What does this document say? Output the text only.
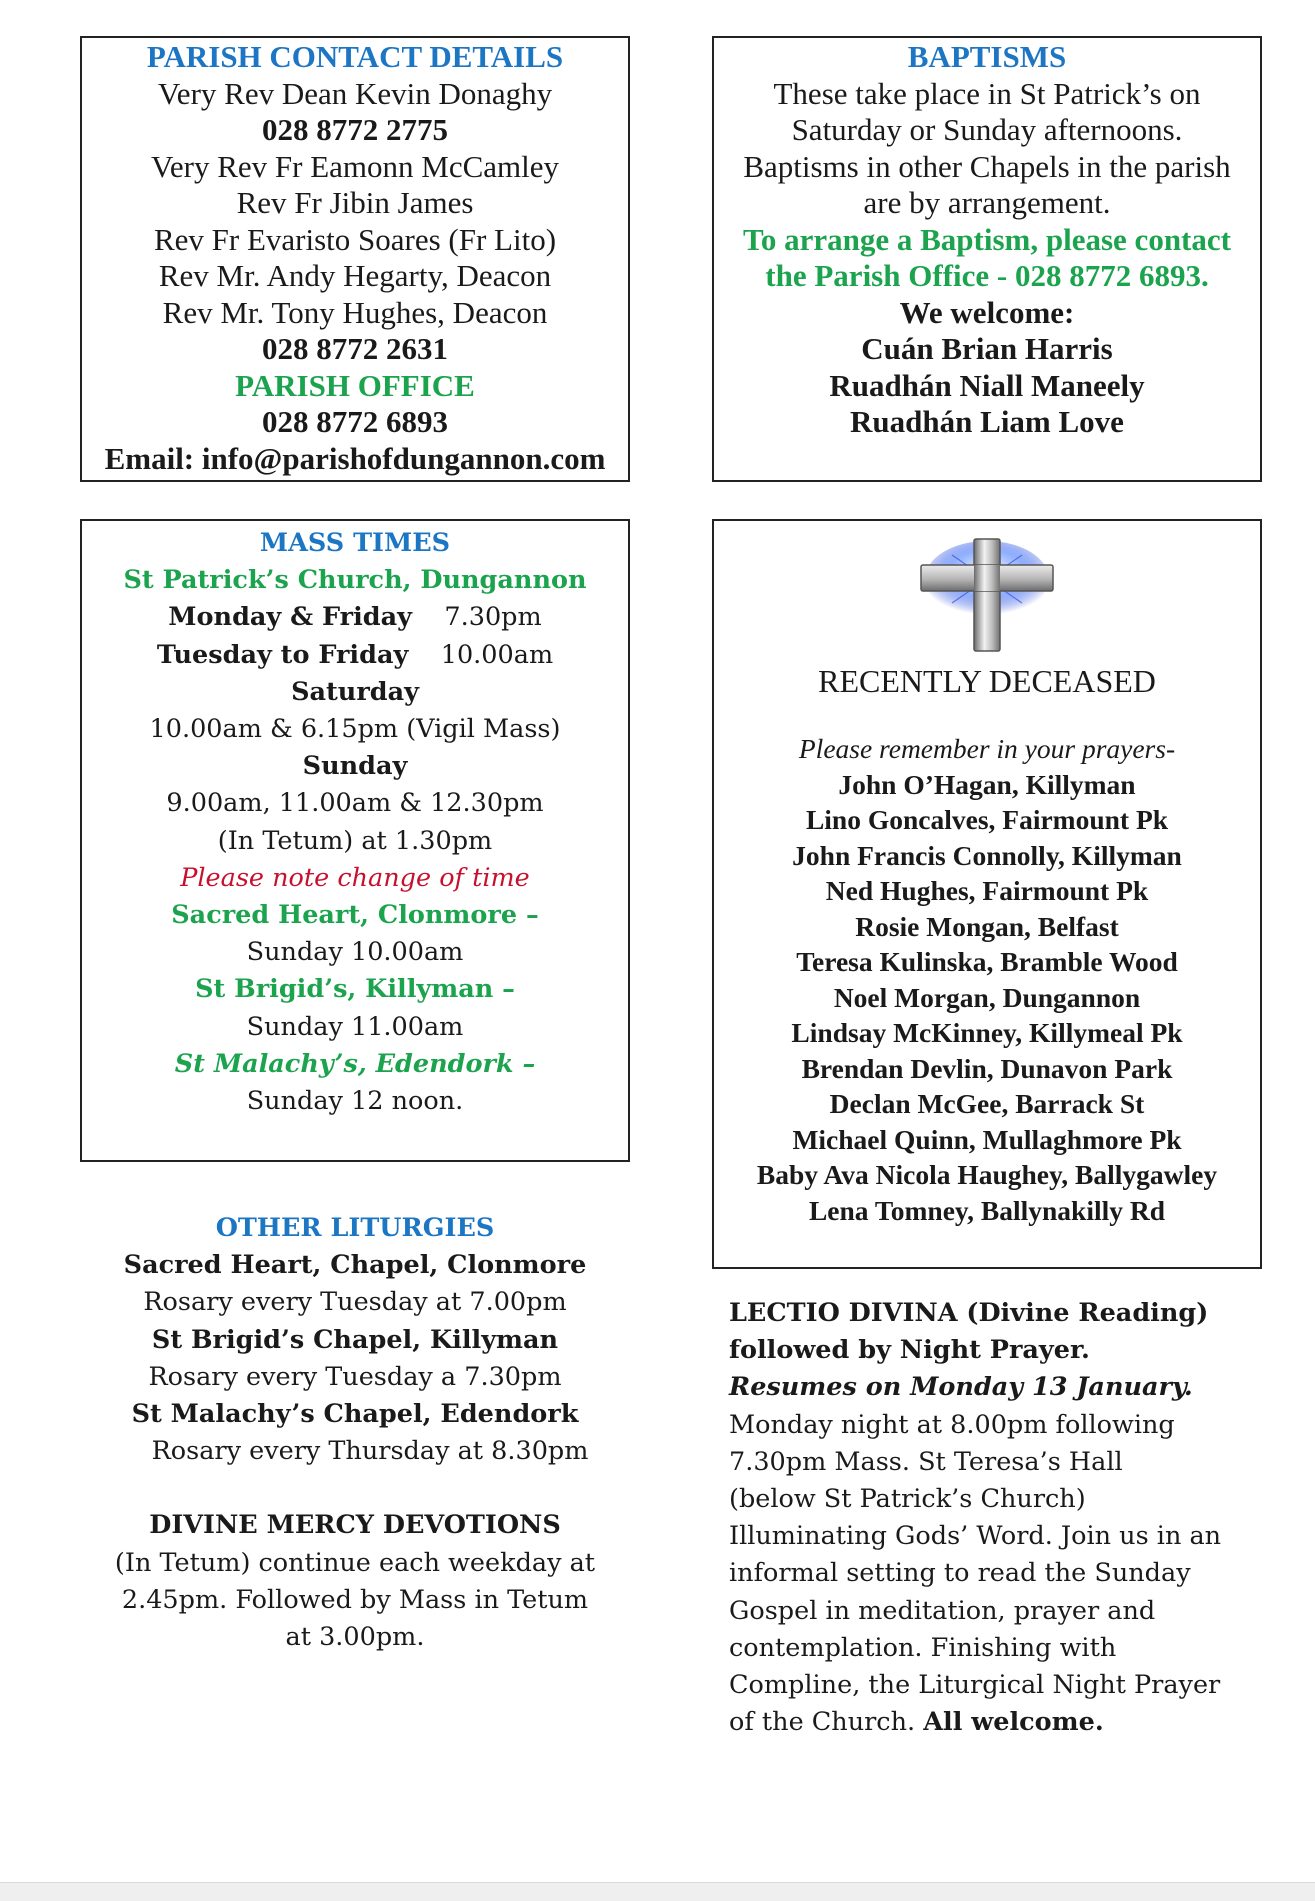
PARISH CONTACT DETAILS
Very Rev Dean Kevin Donaghy
028 8772 2775
Very Rev Fr Eamonn McCamley
Rev Fr Jibin James
Rev Fr Evaristo Soares (Fr Lito)
Rev Mr. Andy Hegarty, Deacon
Rev Mr. Tony Hughes, Deacon
028 8772 2631
PARISH OFFICE
028 8772 6893
Email: info@parishofdungannon.com
BAPTISMS
These take place in St Patrick’s on
Saturday or Sunday afternoons.
Baptisms in other Chapels in the parish
are by arrangement.
To arrange a Baptism, please contact
the Parish Office - 028 8772 6893.
We welcome:
Cuán Brian Harris
Ruadhán Niall Maneely
Ruadhán Liam Love
MASS TIMES
St Patrick’s Church, Dungannon
Monday & Friday 7.30pm
Tuesday to Friday 10.00am
Saturday
10.00am & 6.15pm (Vigil Mass)
Sunday
9.00am, 11.00am & 12.30pm
(In Tetum) at 1.30pm
Please note change of time
Sacred Heart, Clonmore –
Sunday 10.00am
St Brigid’s, Killyman –
Sunday 11.00am
St Malachy’s, Edendork –
Sunday 12 noon.
RECENTLY DECEASED
Please remember in your prayers-
John O’Hagan, Killyman
Lino Goncalves, Fairmount Pk
John Francis Connolly, Killyman
Ned Hughes, Fairmount Pk
Rosie Mongan, Belfast
Teresa Kulinska, Bramble Wood
Noel Morgan, Dungannon
Lindsay McKinney, Killymeal Pk
Brendan Devlin, Dunavon Park
Declan McGee, Barrack St
Michael Quinn, Mullaghmore Pk
Baby Ava Nicola Haughey, Ballygawley
Lena Tomney, Ballynakilly Rd
OTHER LITURGIES
Sacred Heart, Chapel, Clonmore
Rosary every Tuesday at 7.00pm
St Brigid’s Chapel, Killyman
Rosary every Tuesday a 7.30pm
St Malachy’s Chapel, Edendork
Rosary every Thursday at 8.30pm
DIVINE MERCY DEVOTIONS
(In Tetum) continue each weekday at
2.45pm. Followed by Mass in Tetum
at 3.00pm.
LECTIO DIVINA (Divine Reading)
followed by Night Prayer.
Resumes on Monday 13 January.
Monday night at 8.00pm following
7.30pm Mass. St Teresa’s Hall
(below St Patrick’s Church)
Illuminating Gods’ Word. Join us in an
informal setting to read the Sunday
Gospel in meditation, prayer and
contemplation. Finishing with
Compline, the Liturgical Night Prayer
of the Church. All welcome.
